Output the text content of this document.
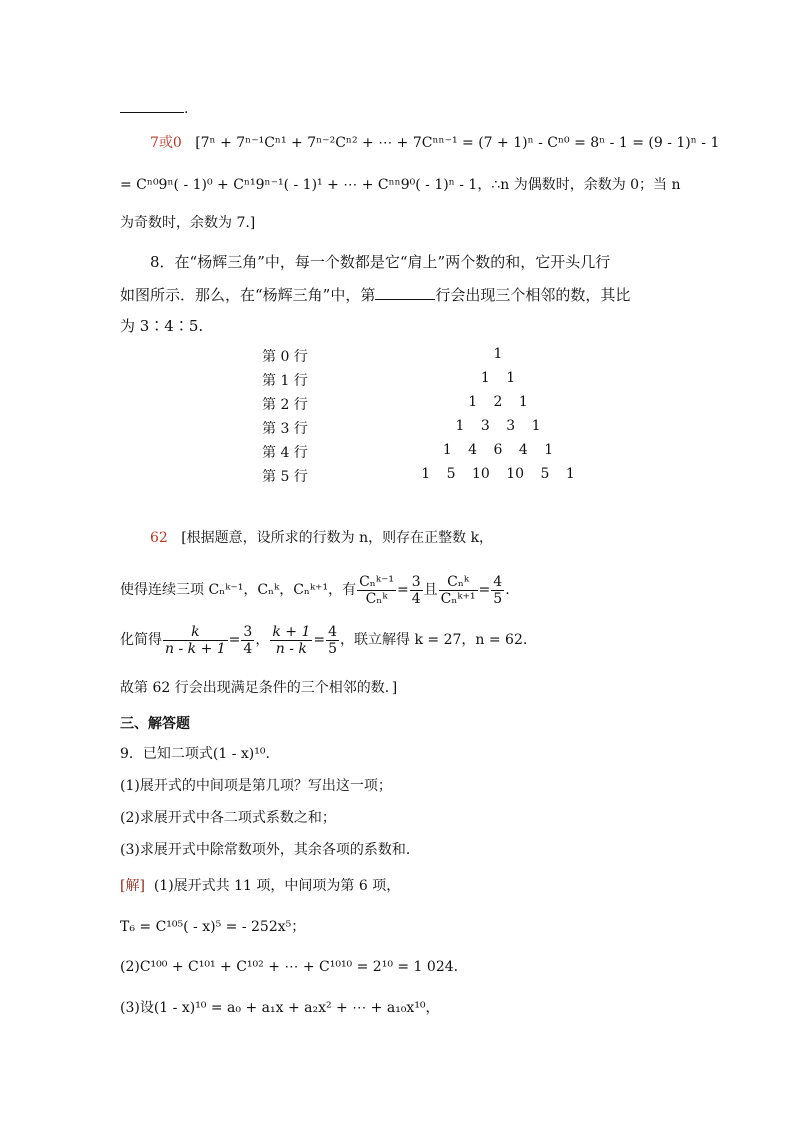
.
7或0 [7ⁿ + 7ⁿ⁻¹Cⁿ¹ + 7ⁿ⁻²Cⁿ² + ⋯ + 7Cⁿⁿ⁻¹ = (7 + 1)ⁿ - Cⁿ⁰ = 8ⁿ - 1 = (9 - 1)ⁿ - 1
= Cⁿ⁰9ⁿ( - 1)⁰ + Cⁿ¹9ⁿ⁻¹( - 1)¹ + ⋯ + Cⁿⁿ9⁰( - 1)ⁿ - 1，∴n 为偶数时，余数为 0；当 n
为奇数时，余数为 7.]
8．在“杨辉三角”中，每一个数都是它“肩上”两个数的和，它开头几行
如图所示．那么，在“杨辉三角”中，第	行会出现三个相邻的数，其比
为 3∶4∶5.
第 0 行
第 1 行
第 2 行
第 3 行
第 4 行
第 5 行
1
1 1
1 2 1
1 3 3 1
1 4 6 4 1
1 5 10 10 5 1
62 [根据题意，设所求的行数为 n，则存在正整数 k，
使得连续三项 Cₙᵏ⁻¹，Cₙᵏ，Cₙᵏ⁺¹，有 $\frac{\text{Cₙᵏ⁻¹}}{\text{Cₙᵏ}} = \frac{3}{4}$ 且 $\frac{\text{Cₙᵏ}}{\text{Cₙᵏ⁺¹}} = \frac{4}{5}$ .
化简得 $\frac{k}{n - k + 1} = \frac{3}{4}$ ， $\frac{k + 1}{n - k} = \frac{4}{5}$ ，联立解得 k = 27，n = 62.
故第 62 行会出现满足条件的三个相邻的数．]
三、解答题
9．已知二项式(1 - x)¹⁰.
(1)展开式的中间项是第几项？写出这一项；
(2)求展开式中各二项式系数之和；
(3)求展开式中除常数项外，其余各项的系数和．
[解] (1)展开式共 11 项，中间项为第 6 项，
T₆ = C¹⁰⁵( - x)⁵ = - 252x⁵；
(2)C¹⁰⁰ + C¹⁰¹ + C¹⁰² + ⋯ + C¹⁰¹⁰ = 2¹⁰ = 1 024.
(3)设(1 - x)¹⁰ = a₀ + a₁x + a₂x² + ⋯ + a₁₀x¹⁰，
